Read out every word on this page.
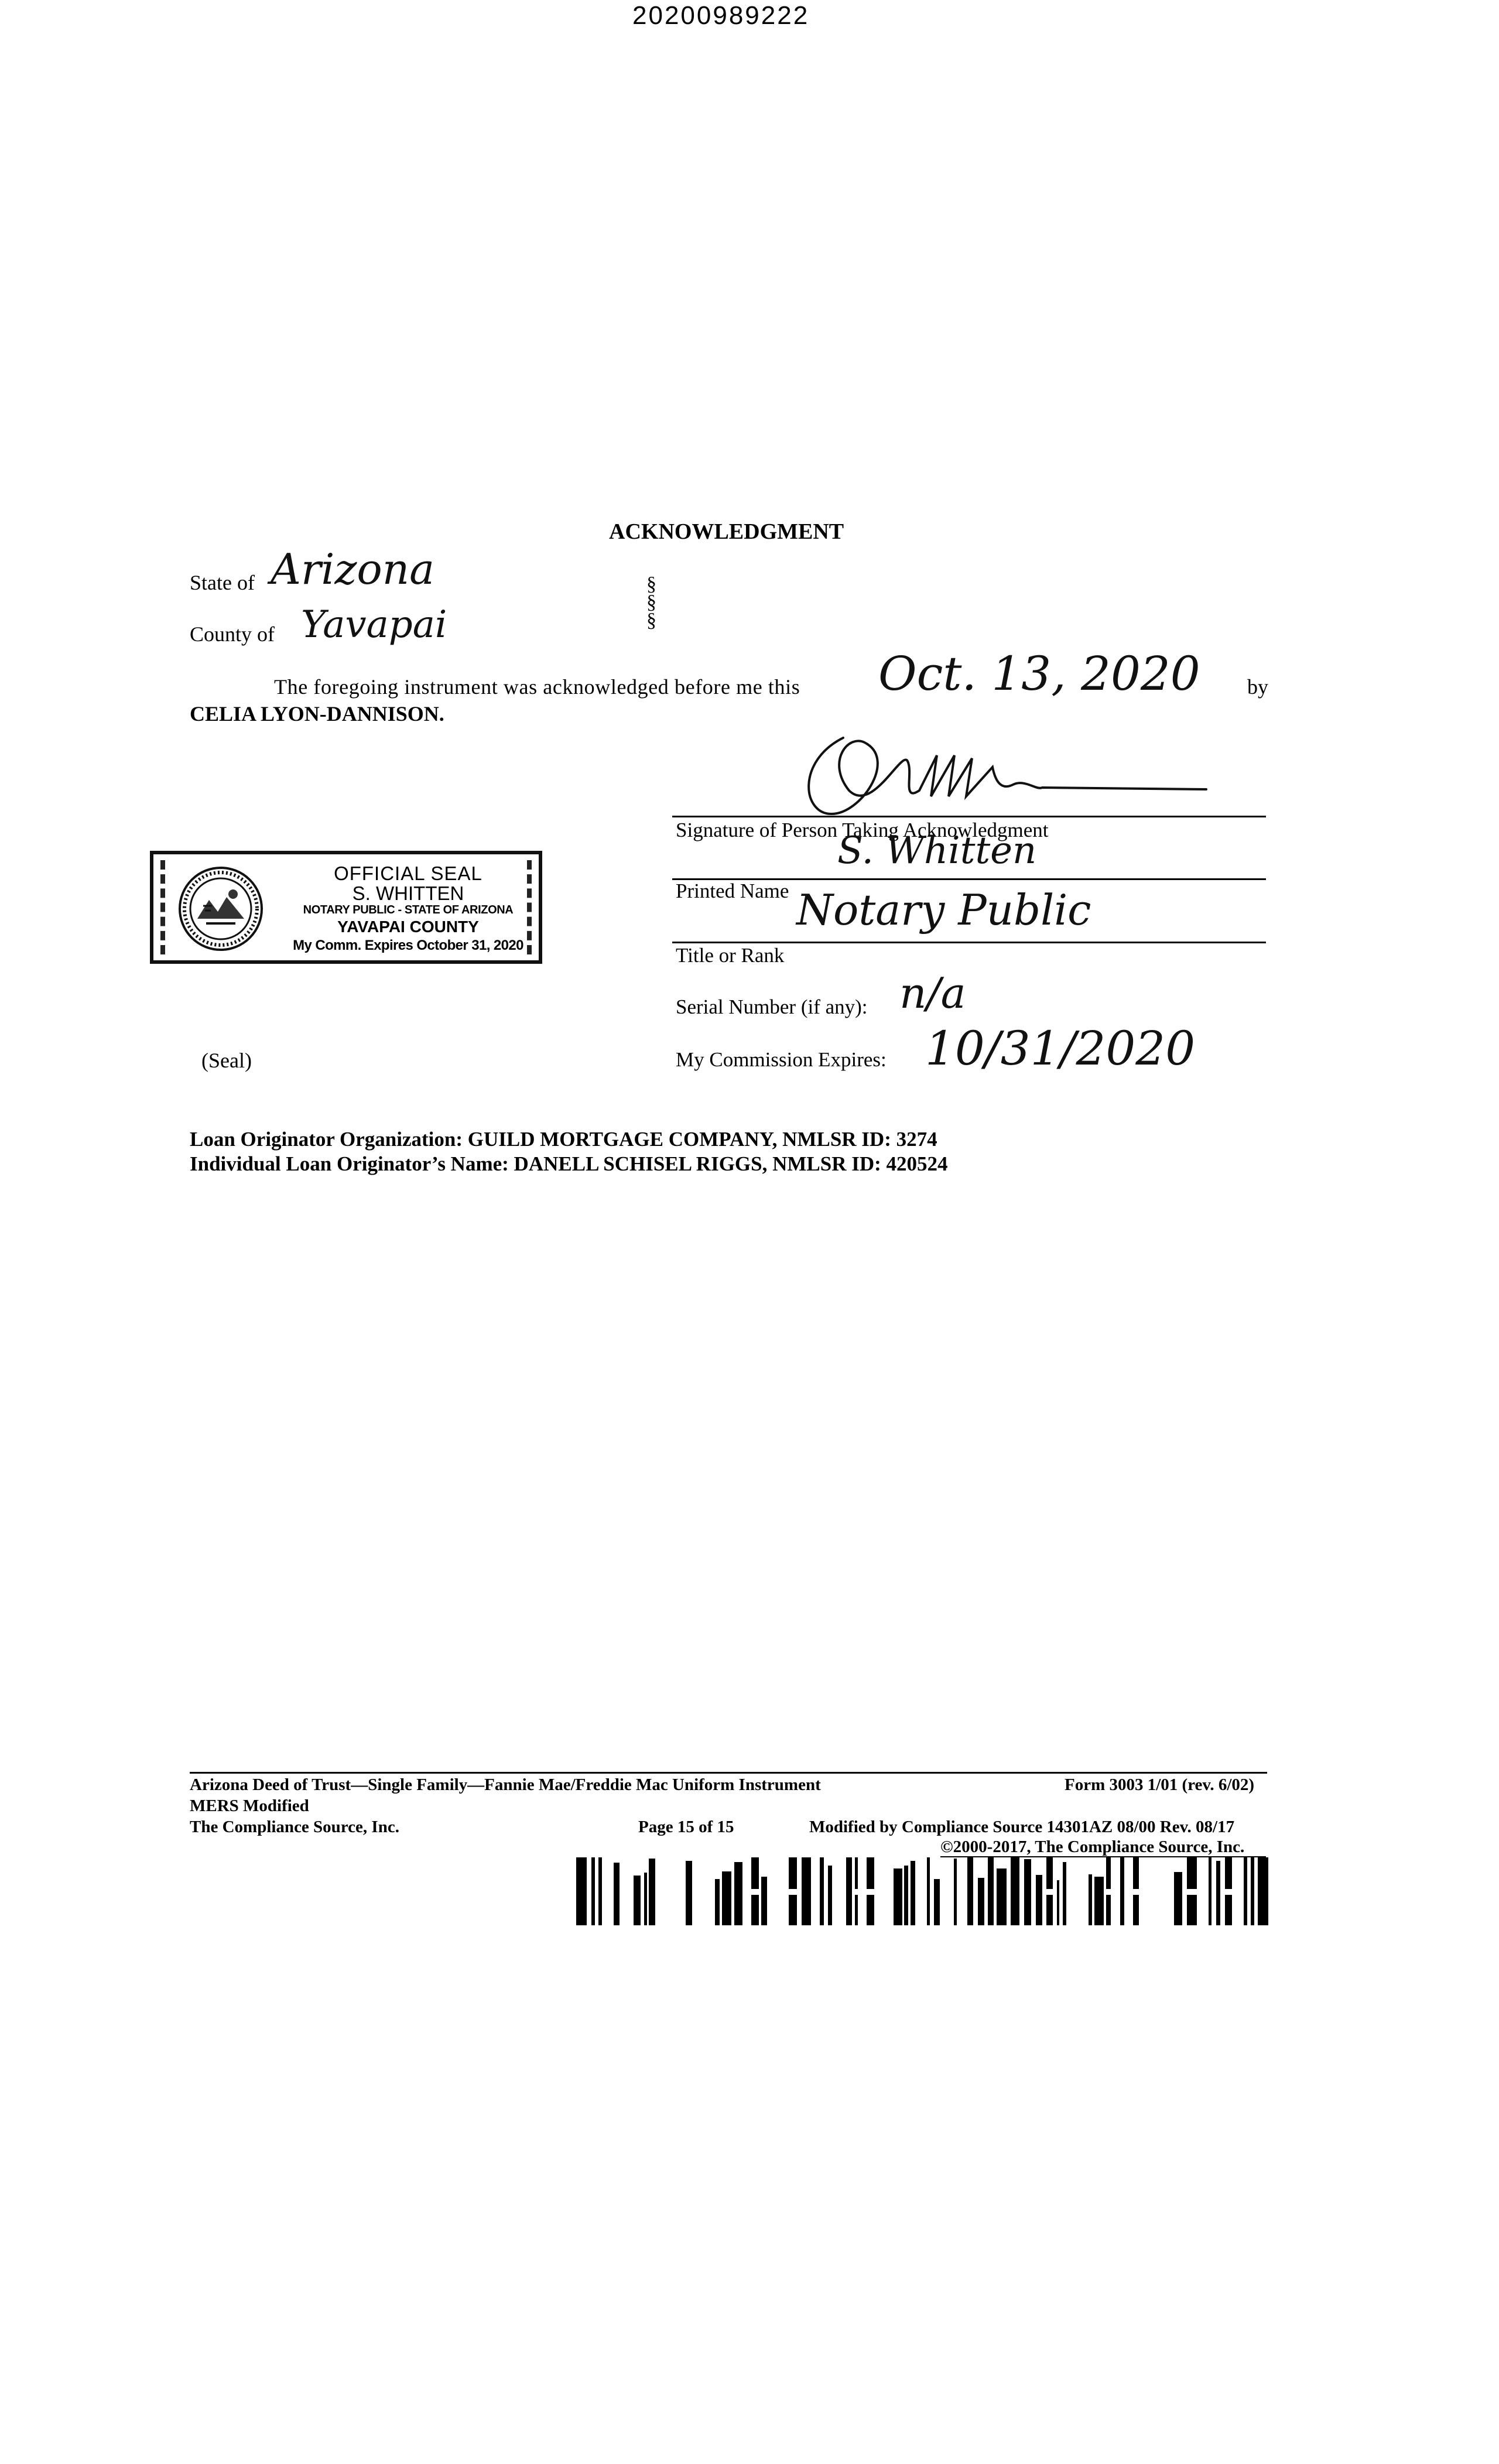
20200989222
ACKNOWLEDGMENT
State of Arizona
County of Yavapai
§
§
§
The foregoing instrument was acknowledged before me this Oct. 13, 2020 by
CELIA LYON-DANNISON.
Signature of Person Taking Acknowledgment
S. Whitten
Printed Name Notary Public
Title or Rank
Serial Number (if any): n/a
(Seal)	My Commission Expires: 10/31/2020
OFFICIAL SEAL
S. WHITTEN
NOTARY PUBLIC - STATE OF ARIZONA
YAVAPAI COUNTY
My Comm. Expires October 31, 2020
Loan Originator Organization: GUILD MORTGAGE COMPANY, NMLSR ID: 3274
Individual Loan Originator’s Name: DANELL SCHISEL RIGGS, NMLSR ID: 420524
Arizona Deed of Trust—Single Family—Fannie Mae/Freddie Mac Uniform Instrument	Form 3003 1/01 (rev. 6/02)
MERS Modified
The Compliance Source, Inc.	Page 15 of 15	Modified by Compliance Source 14301AZ 08/00 Rev. 08/17
©2000-2017, The Compliance Source, Inc.
